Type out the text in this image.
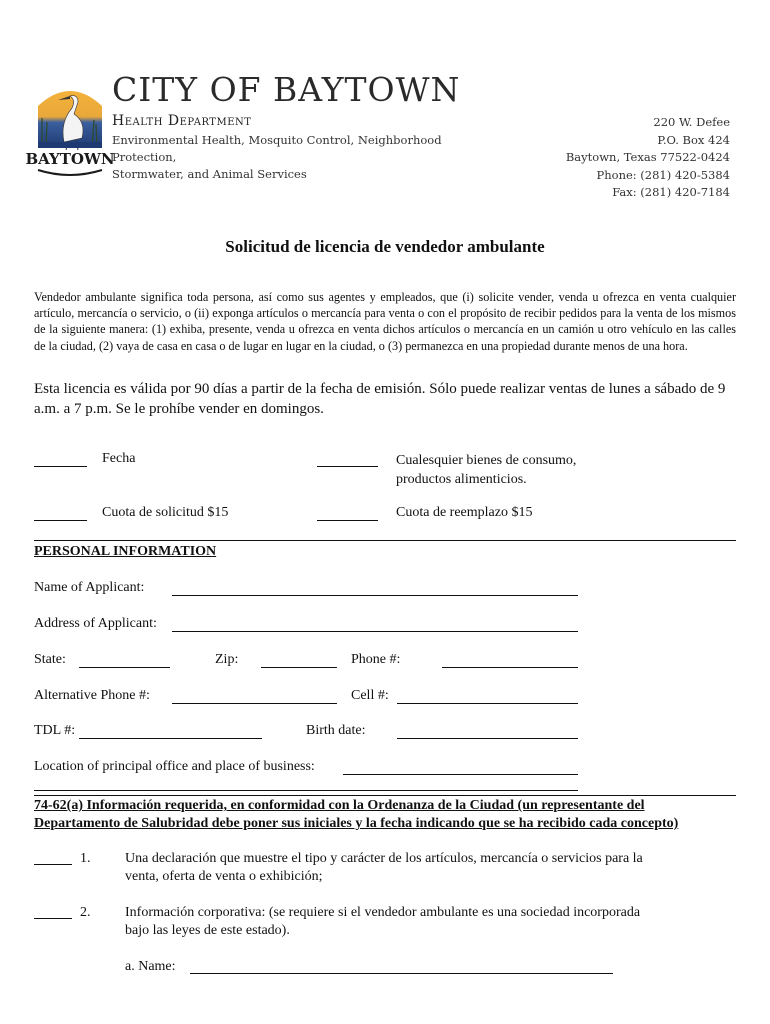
BAYTOWN
CITY OF BAYTOWN
Health Department
Environmental Health, Mosquito Control, Neighborhood Protection,
Stormwater, and Animal Services
220 W. Defee
P.O. Box 424
Baytown, Texas 77522-0424
Phone: (281) 420-5384
Fax: (281) 420-7184
Solicitud de licencia de vendedor ambulante
Vendedor ambulante significa toda persona, así como sus agentes y empleados, que (i) solicite vender, venda u ofrezca en venta cualquier artículo, mercancía o servicio, o (ii) exponga artículos o mercancía para venta o con el propósito de recibir pedidos para la venta de los mismos de la siguiente manera: (1) exhiba, presente, venda u ofrezca en venta dichos artículos o mercancía en un camión u otro vehículo en las calles de la ciudad, (2) vaya de casa en casa o de lugar en lugar en la ciudad, o (3) permanezca en una propiedad durante menos de una hora.
Esta licencia es válida por 90 días a partir de la fecha de emisión. Sólo puede realizar ventas de lunes a sábado de 9 a.m. a 7 p.m. Se le prohíbe vender en domingos.
Fecha	Cualesquier bienes de consumo,
productos alimenticios.
Cuota de solicitud $15	Cuota de reemplazo $15
PERSONAL INFORMATION
Name of Applicant:
Address of Applicant:
State:	Zip:	Phone #:
Alternative Phone #:	Cell #:
TDL #:	Birth date:
Location of principal office and place of business:
74-62(a) Información requerida, en conformidad con la Ordenanza de la Ciudad (un representante del
Departamento de Salubridad debe poner sus iniciales y la fecha indicando que se ha recibido cada concepto)
1. Una declaración que muestre el tipo y carácter de los artículos, mercancía o servicios para la
venta, oferta de venta o exhibición;
2. Información corporativa: (se requiere si el vendedor ambulante es una sociedad incorporada
bajo las leyes de este estado).
a. Name:
